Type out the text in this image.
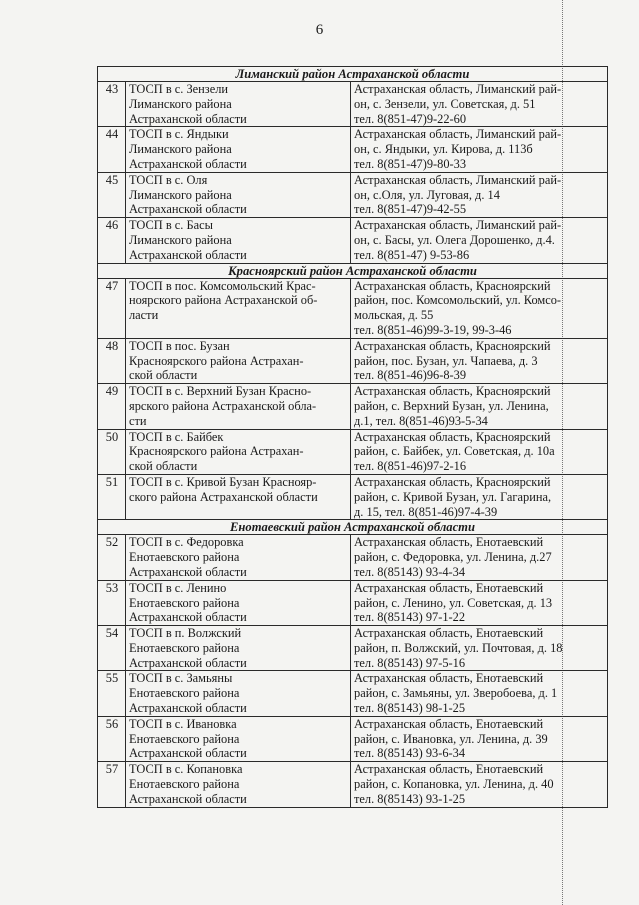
6
Лиманский район Астраханской области		
43	ТОСП в с. Зензели
Лиманского района
Астраханской области	Астраханская область, Лиманский рай-
он, с. Зензели, ул. Советская, д. 51
тел. 8(851-47)9-22-60

44	ТОСП в с. Яндыки
Лиманского района
Астраханской области	Астраханская область, Лиманский рай-
он, с. Яндыки, ул. Кирова, д. 113б
тел. 8(851-47)9-80-33

45	ТОСП в с. Оля
Лиманского района
Астраханской области	Астраханская область, Лиманский рай-
он, с.Оля, ул. Луговая, д. 14
тел. 8(851-47)9-42-55

46	ТОСП в с. Басы
Лиманского района
Астраханской области	Астраханская область, Лиманский рай-
он, с. Басы, ул. Олега Дорошенко, д.4.
тел. 8(851-47) 9-53-86

Красноярский район Астраханской области		
47	ТОСП в пос. Комсомольский Крас-
ноярского района Астраханской об-
ласти	Астраханская область, Красноярский
район, пос. Комсомольский, ул. Комсо-
мольская, д. 55
тел. 8(851-46)99-3-19, 99-3-46

48	ТОСП в пос. Бузан
Красноярского района Астрахан-
ской области	Астраханская область, Красноярский
район, пос. Бузан, ул. Чапаева, д. 3
тел. 8(851-46)96-8-39

49	ТОСП в с. Верхний Бузан Красно-
ярского района Астраханской обла-
сти	Астраханская область, Красноярский
район, с. Верхний Бузан, ул. Ленина,
д.1, тел. 8(851-46)93-5-34

50	ТОСП в с. Байбек
Красноярского района Астрахан-
ской области	Астраханская область, Красноярский
район, с. Байбек, ул. Советская, д. 10а
тел. 8(851-46)97-2-16

51	ТОСП в с. Кривой Бузан Краснояр-
ского района Астраханской области	Астраханская область, Красноярский
район, с. Кривой Бузан, ул. Гагарина,
д. 15, тел. 8(851-46)97-4-39

Енотаевский район Астраханской области		
52	ТОСП в с. Федоровка
Енотаевского района
Астраханской области	Астраханская область, Енотаевский
район, с. Федоровка, ул. Ленина, д.27
тел. 8(85143) 93-4-34

53	ТОСП в с. Ленино
Енотаевского района
Астраханской области	Астраханская область, Енотаевский
район, с. Ленино, ул. Советская, д. 13
тел. 8(85143) 97-1-22

54	ТОСП в п. Волжский
Енотаевского района
Астраханской области	Астраханская область, Енотаевский
район, п. Волжский, ул. Почтовая, д. 18
тел. 8(85143) 97-5-16

55	ТОСП в с. Замьяны
Енотаевского района
Астраханской области	Астраханская область, Енотаевский
район, с. Замьяны, ул. Зверобоева, д. 1
тел. 8(85143) 98-1-25

56	ТОСП в с. Ивановка
Енотаевского района
Астраханской области	Астраханская область, Енотаевский
район, с. Ивановка, ул. Ленина, д. 39
тел. 8(85143) 93-6-34

57	ТОСП в с. Копановка
Енотаевского района
Астраханской области	Астраханская область, Енотаевский
район, с. Копановка, ул. Ленина, д. 40
тел. 8(85143) 93-1-25
